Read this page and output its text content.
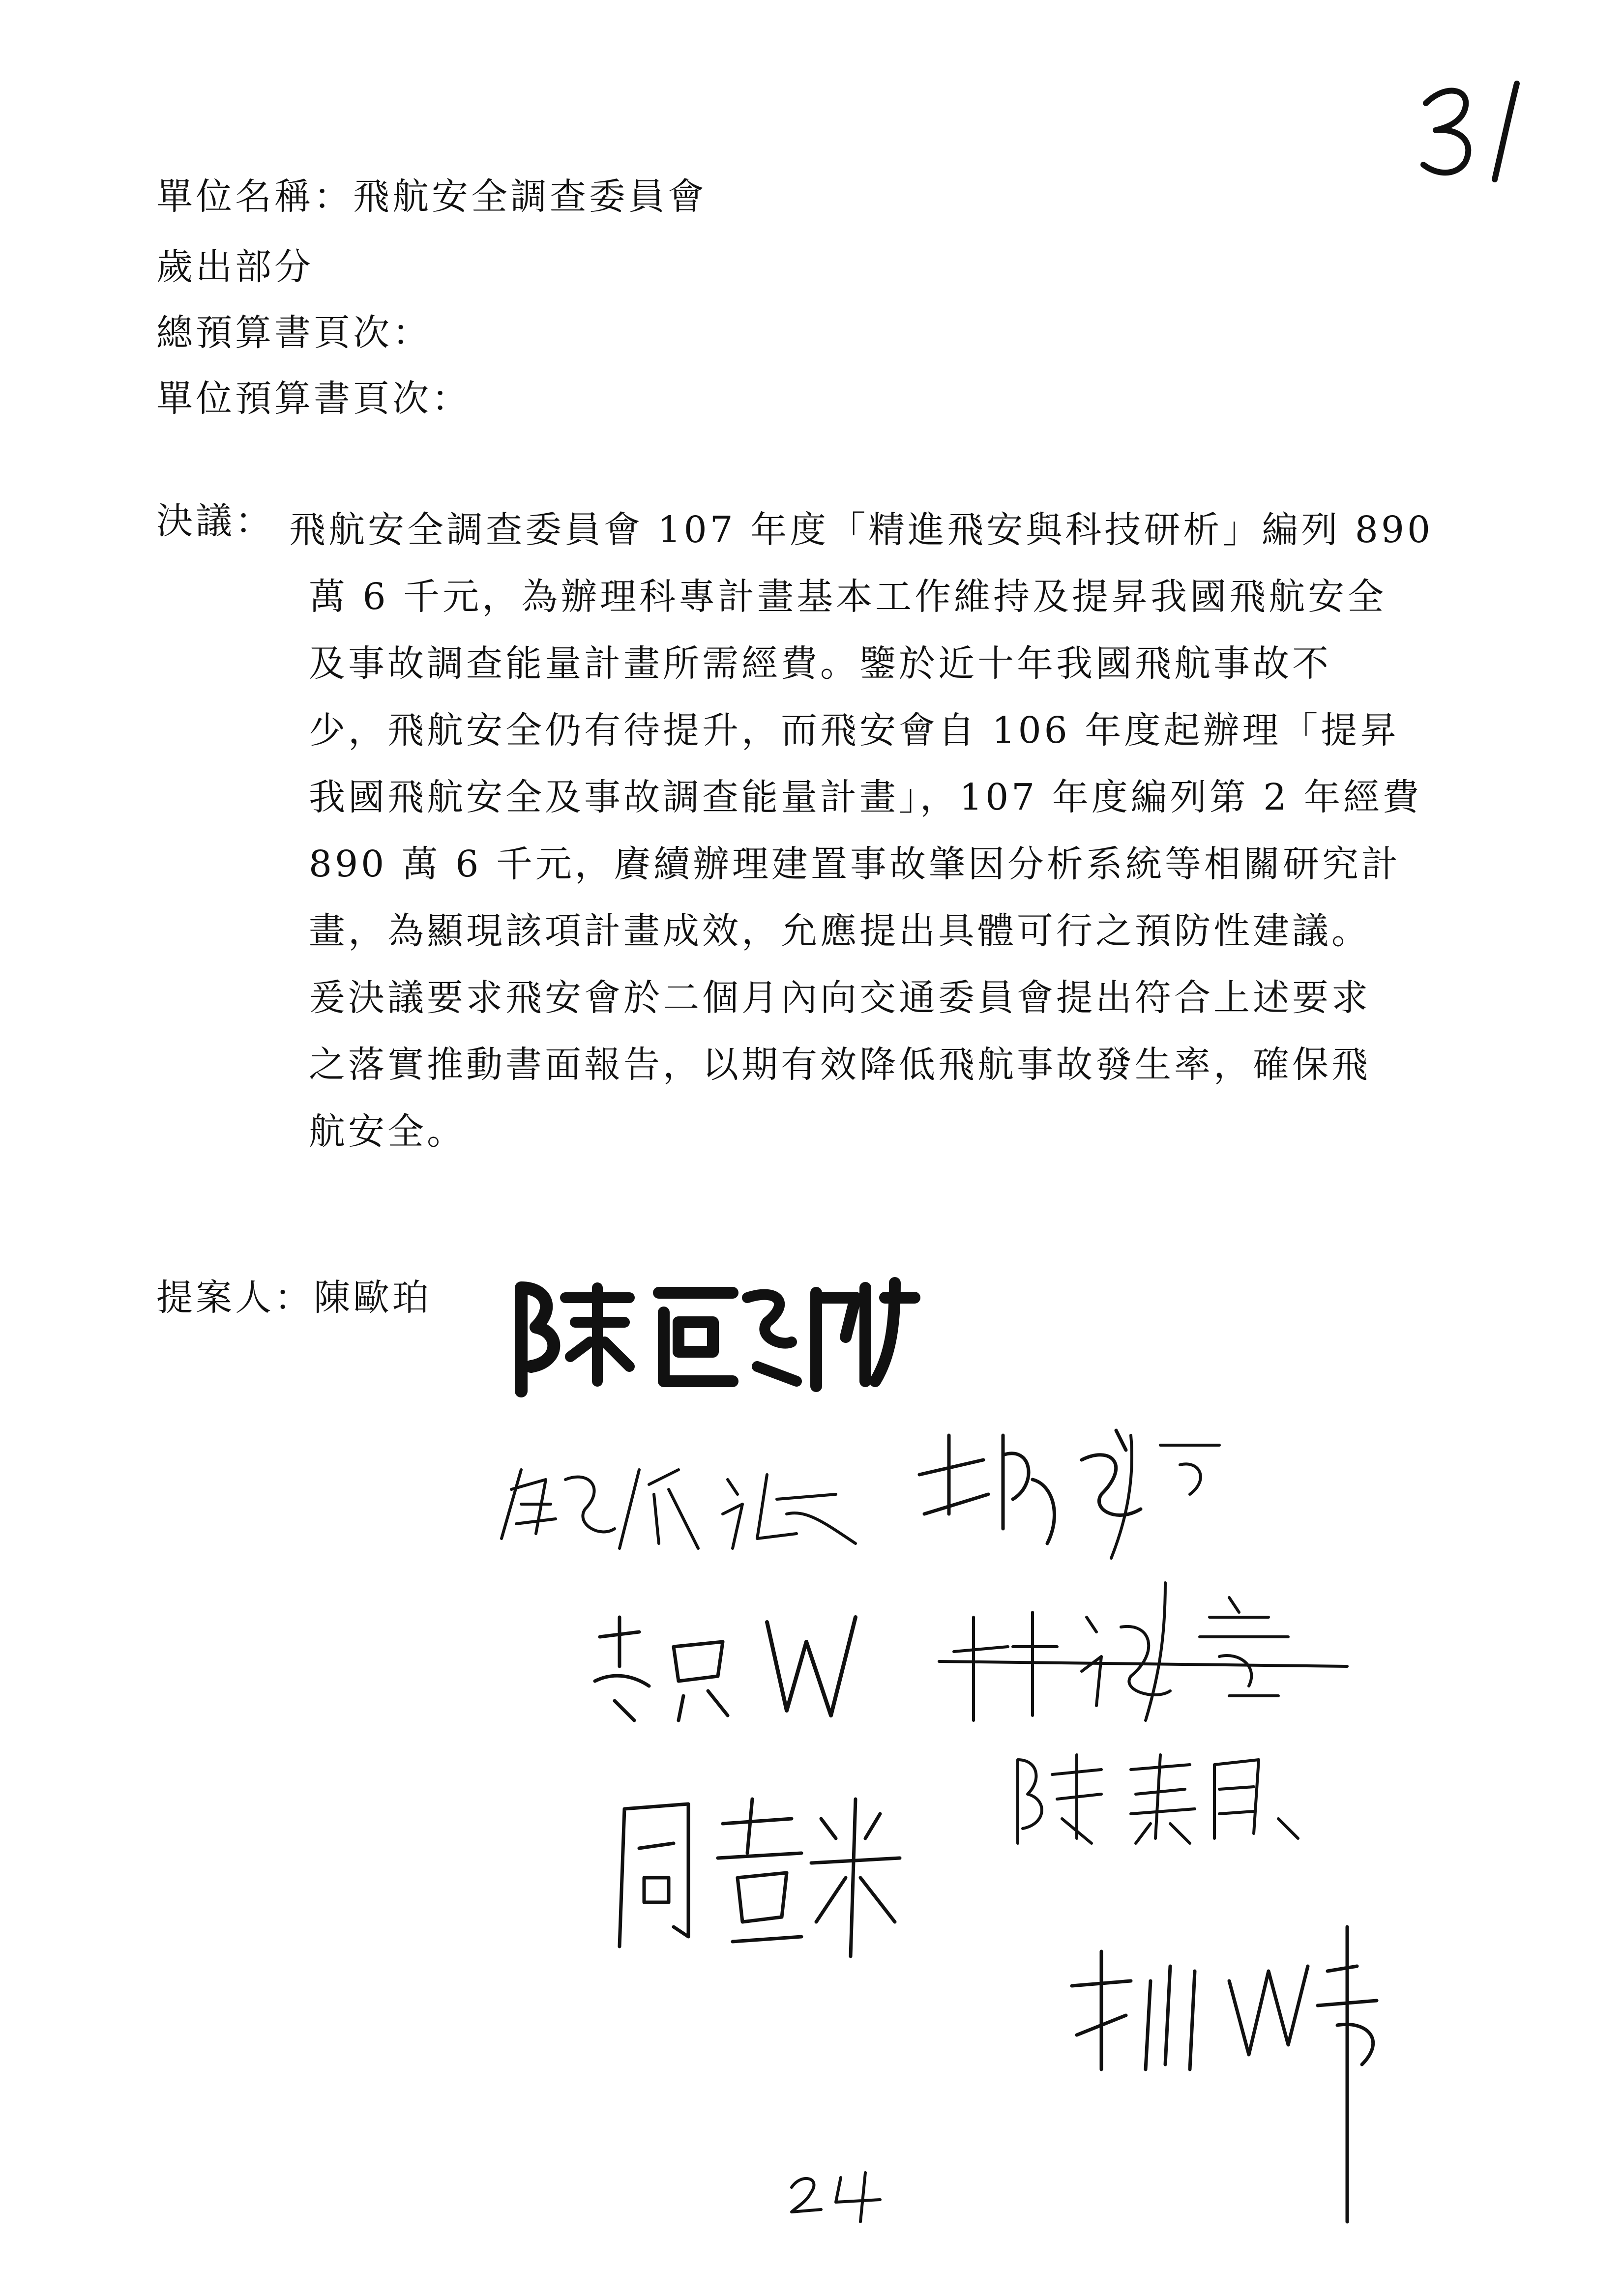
單位名稱：飛航安全調查委員會
歲出部分
總預算書頁次：
單位預算書頁次：
決議： 飛航安全調查委員會 107 年度「精進飛安與科技研析」編列 890
萬 6 千元，為辦理科專計畫基本工作維持及提昇我國飛航安全
及事故調查能量計畫所需經費。鑒於近十年我國飛航事故不
少，飛航安全仍有待提升，而飛安會自 106 年度起辦理「提昇
我國飛航安全及事故調查能量計畫」，107 年度編列第 2 年經費
890 萬 6 千元，賡續辦理建置事故肇因分析系統等相關研究計
畫，為顯現該項計畫成效，允應提出具體可行之預防性建議。
爰決議要求飛安會於二個月內向交通委員會提出符合上述要求
之落實推動書面報告，以期有效降低飛航事故發生率，確保飛
航安全。
提案人：陳歐珀
